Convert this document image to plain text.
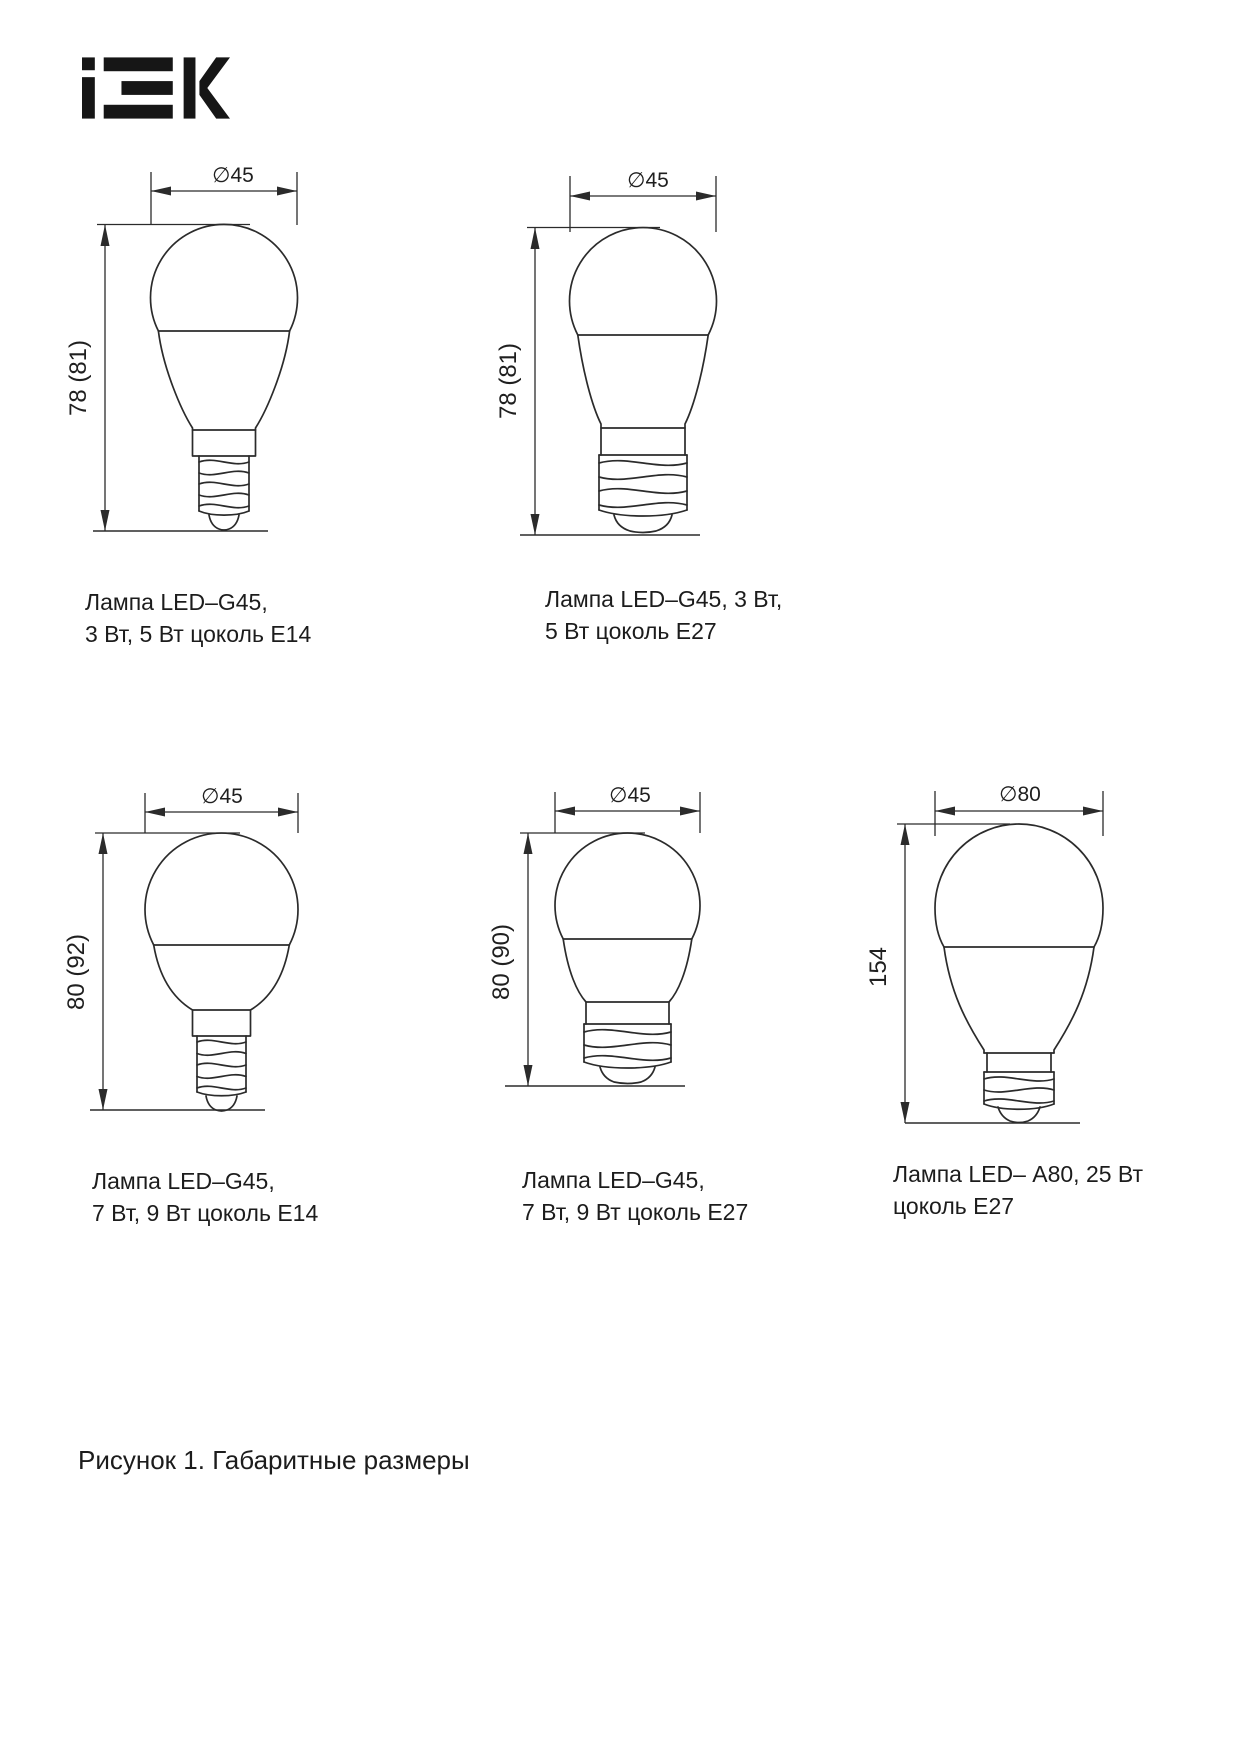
∅45
78 (81)
Лампа LED–G45,
3 Вт, 5 Вт цоколь Е14
∅45
78 (81)
Лампа LED–G45, 3 Вт,
5 Вт цоколь Е27
∅45
80 (92)
Лампа LED–G45,
7 Вт, 9 Вт цоколь Е14
∅45
80 (90)
Лампа LED–G45,
7 Вт, 9 Вт цоколь Е27
∅80
154
Лампа LED– А80, 25 Вт
цоколь Е27
Рисунок 1. Габаритные размеры
